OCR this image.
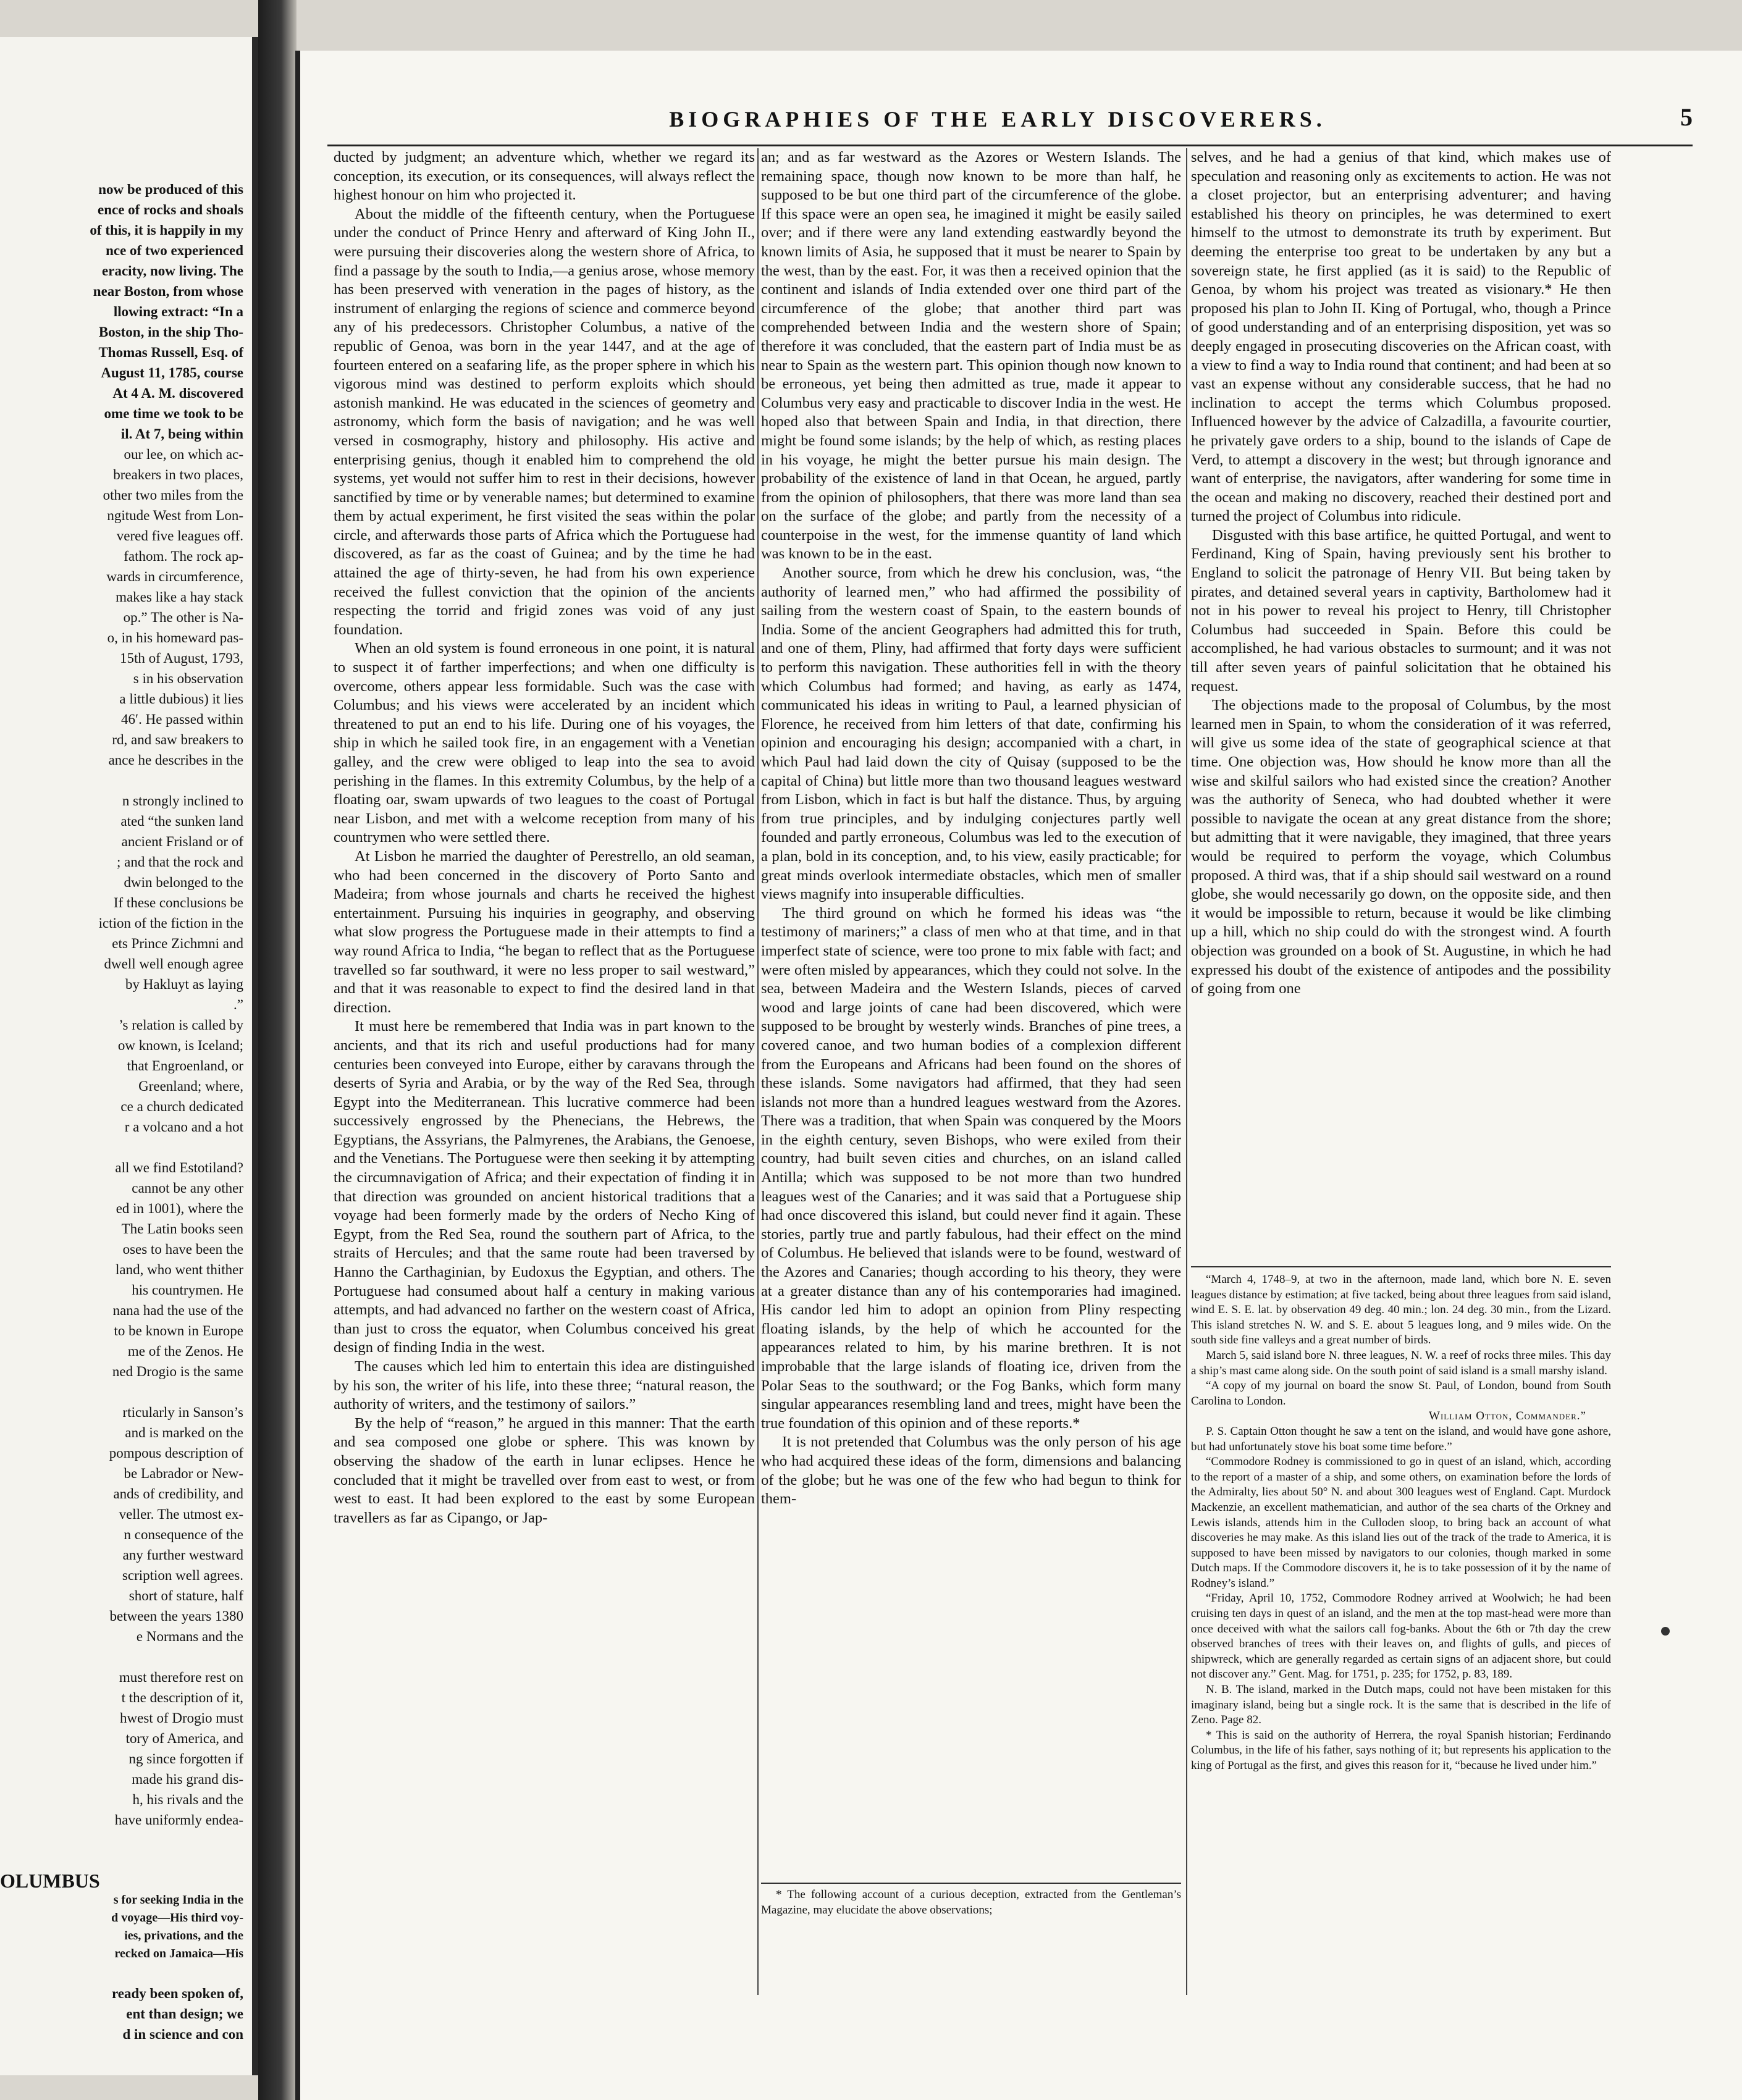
now be produced of this
ence of rocks and shoals
of this, it is happily in my
nce of two experienced
eracity, now living. The
near Boston, from whose
llowing extract: “In a
Boston, in the ship Tho-
Thomas Russell, Esq. of
August 11, 1785, course
At 4 A. M. discovered
ome time we took to be
il. At 7, being within
our lee, on which ac-
breakers in two places,
other two miles from the
ngitude West from Lon-
vered five leagues off.
fathom. The rock ap-
wards in circumference,
makes like a hay stack
op.” The other is Na-
o, in his homeward pas-
15th of August, 1793,
s in his observation
a little dubious) it lies
46′. He passed within
rd, and saw breakers to
ance he describes in the
n strongly inclined to
ated “the sunken land
ancient Frisland or of
; and that the rock and
dwin belonged to the
If these conclusions be
iction of the fiction in the
ets Prince Zichmni and
dwell well enough agree
by Hakluyt as laying
.”
’s relation is called by
ow known, is Iceland;
that Engroenland, or
Greenland; where,
ce a church dedicated
r a volcano and a hot
all we find Estotiland?
cannot be any other
ed in 1001), where the
The Latin books seen
oses to have been the
land, who went thither
his countrymen. He
nana had the use of the
to be known in Europe
me of the Zenos. He
ned Drogio is the same
rticularly in Sanson’s
and is marked on the
pompous description of
be Labrador or New-
ands of credibility, and
veller. The utmost ex-
n consequence of the
any further westward
scription well agrees.
short of stature, half
between the years 1380
e Normans and the
must therefore rest on
t the description of it,
hwest of Drogio must
tory of America, and
ng since forgotten if
made his grand dis-
h, his rivals and the
have uniformly endea-
OLUMBUS
s for seeking India in the
d voyage—His third voy-
ies, privations, and the
recked on Jamaica—His
ready been spoken of,
ent than design; we
d in science and con
BIOGRAPHIES OF THE EARLY DISCOVERERS.	5

ducted by judgment; an adventure which, whether we regard its conception, its execution, or its consequences, will always reflect the highest honour on him who projected it.

About the middle of the fifteenth century, when the Portuguese under the conduct of Prince Henry and afterward of King John II., were pursuing their discoveries along the western shore of Africa, to find a passage by the south to India,—a genius arose, whose memory has been preserved with veneration in the pages of history, as the instrument of enlarging the regions of science and commerce beyond any of his predecessors. Christopher Columbus, a native of the republic of Genoa, was born in the year 1447, and at the age of fourteen entered on a seafaring life, as the proper sphere in which his vigorous mind was destined to perform exploits which should astonish mankind. He was educated in the sciences of geometry and astronomy, which form the basis of navigation; and he was well versed in cosmography, history and philosophy. His active and enterprising genius, though it enabled him to comprehend the old systems, yet would not suffer him to rest in their decisions, however sanctified by time or by venerable names; but determined to examine them by actual experiment, he first visited the seas within the polar circle, and afterwards those parts of Africa which the Portuguese had discovered, as far as the coast of Guinea; and by the time he had attained the age of thirty-seven, he had from his own experience received the fullest conviction that the opinion of the ancients respecting the torrid and frigid zones was void of any just foundation.

When an old system is found erroneous in one point, it is natural to suspect it of farther imperfections; and when one difficulty is overcome, others appear less formidable. Such was the case with Columbus; and his views were accelerated by an incident which threatened to put an end to his life. During one of his voyages, the ship in which he sailed took fire, in an engagement with a Venetian galley, and the crew were obliged to leap into the sea to avoid perishing in the flames. In this extremity Columbus, by the help of a floating oar, swam upwards of two leagues to the coast of Portugal near Lisbon, and met with a welcome reception from many of his countrymen who were settled there.

At Lisbon he married the daughter of Perestrello, an old seaman, who had been concerned in the discovery of Porto Santo and Madeira; from whose journals and charts he received the highest entertainment. Pursuing his inquiries in geography, and observing what slow progress the Portuguese made in their attempts to find a way round Africa to India, “he began to reflect that as the Portuguese travelled so far southward, it were no less proper to sail westward,” and that it was reasonable to expect to find the desired land in that direction.

It must here be remembered that India was in part known to the ancients, and that its rich and useful productions had for many centuries been conveyed into Europe, either by caravans through the deserts of Syria and Arabia, or by the way of the Red Sea, through Egypt into the Mediterranean. This lucrative commerce had been successively engrossed by the Phenecians, the Hebrews, the Egyptians, the Assyrians, the Palmyrenes, the Arabians, the Genoese, and the Venetians. The Portuguese were then seeking it by attempting the circumnavigation of Africa; and their expectation of finding it in that direction was grounded on ancient historical traditions that a voyage had been formerly made by the orders of Necho King of Egypt, from the Red Sea, round the southern part of Africa, to the straits of Hercules; and that the same route had been traversed by Hanno the Carthaginian, by Eudoxus the Egyptian, and others. The Portuguese had consumed about half a century in making various attempts, and had advanced no farther on the western coast of Africa, than just to cross the equator, when Columbus conceived his great design of finding India in the west.

The causes which led him to entertain this idea are distinguished by his son, the writer of his life, into these three; “natural reason, the authority of writers, and the testimony of sailors.”

By the help of “reason,” he argued in this manner: That the earth and sea composed one globe or sphere. This was known by observing the shadow of the earth in lunar eclipses. Hence he concluded that it might be travelled over from east to west, or from west to east. It had been explored to the east by some European travellers as far as Cipango, or Jap-

an; and as far westward as the Azores or Western Islands. The remaining space, though now known to be more than half, he supposed to be but one third part of the circumference of the globe. If this space were an open sea, he imagined it might be easily sailed over; and if there were any land extending eastwardly beyond the known limits of Asia, he supposed that it must be nearer to Spain by the west, than by the east. For, it was then a received opinion that the continent and islands of India extended over one third part of the circumference of the globe; that another third part was comprehended between India and the western shore of Spain; therefore it was concluded, that the eastern part of India must be as near to Spain as the western part. This opinion though now known to be erroneous, yet being then admitted as true, made it appear to Columbus very easy and practicable to discover India in the west. He hoped also that between Spain and India, in that direction, there might be found some islands; by the help of which, as resting places in his voyage, he might the better pursue his main design. The probability of the existence of land in that Ocean, he argued, partly from the opinion of philosophers, that there was more land than sea on the surface of the globe; and partly from the necessity of a counterpoise in the west, for the immense quantity of land which was known to be in the east.

Another source, from which he drew his conclusion, was, “the authority of learned men,” who had affirmed the possibility of sailing from the western coast of Spain, to the eastern bounds of India. Some of the ancient Geographers had admitted this for truth, and one of them, Pliny, had affirmed that forty days were sufficient to perform this navigation. These authorities fell in with the theory which Columbus had formed; and having, as early as 1474, communicated his ideas in writing to Paul, a learned physician of Florence, he received from him letters of that date, confirming his opinion and encouraging his design; accompanied with a chart, in which Paul had laid down the city of Quisay (supposed to be the capital of China) but little more than two thousand leagues westward from Lisbon, which in fact is but half the distance. Thus, by arguing from true principles, and by indulging conjectures partly well founded and partly erroneous, Columbus was led to the execution of a plan, bold in its conception, and, to his view, easily practicable; for great minds overlook intermediate obstacles, which men of smaller views magnify into insuperable difficulties.

The third ground on which he formed his ideas was “the testimony of mariners;” a class of men who at that time, and in that imperfect state of science, were too prone to mix fable with fact; and were often misled by appearances, which they could not solve. In the sea, between Madeira and the Western Islands, pieces of carved wood and large joints of cane had been discovered, which were supposed to be brought by westerly winds. Branches of pine trees, a covered canoe, and two human bodies of a complexion different from the Europeans and Africans had been found on the shores of these islands. Some navigators had affirmed, that they had seen islands not more than a hundred leagues westward from the Azores. There was a tradition, that when Spain was conquered by the Moors in the eighth century, seven Bishops, who were exiled from their country, had built seven cities and churches, on an island called Antilla; which was supposed to be not more than two hundred leagues west of the Canaries; and it was said that a Portuguese ship had once discovered this island, but could never find it again. These stories, partly true and partly fabulous, had their effect on the mind of Columbus. He believed that islands were to be found, westward of the Azores and Canaries; though according to his theory, they were at a greater distance than any of his contemporaries had imagined. His candor led him to adopt an opinion from Pliny respecting floating islands, by the help of which he accounted for the appearances related to him, by his marine brethren. It is not improbable that the large islands of floating ice, driven from the Polar Seas to the southward; or the Fog Banks, which form many singular appearances resembling land and trees, might have been the true foundation of this opinion and of these reports.*

It is not pretended that Columbus was the only person of his age who had acquired these ideas of the form, dimensions and balancing of the globe; but he was one of the few who had begun to think for them-

* The following account of a curious deception, extracted from the Gentleman’s Magazine, may elucidate the above observations;

selves, and he had a genius of that kind, which makes use of speculation and reasoning only as excitements to action. He was not a closet projector, but an enterprising adventurer; and having established his theory on principles, he was determined to exert himself to the utmost to demonstrate its truth by experiment. But deeming the enterprise too great to be undertaken by any but a sovereign state, he first applied (as it is said) to the Republic of Genoa, by whom his project was treated as visionary.* He then proposed his plan to John II. King of Portugal, who, though a Prince of good understanding and of an enterprising disposition, yet was so deeply engaged in prosecuting discoveries on the African coast, with a view to find a way to India round that continent; and had been at so vast an expense without any considerable success, that he had no inclination to accept the terms which Columbus proposed. Influenced however by the advice of Calzadilla, a favourite courtier, he privately gave orders to a ship, bound to the islands of Cape de Verd, to attempt a discovery in the west; but through ignorance and want of enterprise, the navigators, after wandering for some time in the ocean and making no discovery, reached their destined port and turned the project of Columbus into ridicule.

Disgusted with this base artifice, he quitted Portugal, and went to Ferdinand, King of Spain, having previously sent his brother to England to solicit the patronage of Henry VII. But being taken by pirates, and detained several years in captivity, Bartholomew had it not in his power to reveal his project to Henry, till Christopher Columbus had succeeded in Spain. Before this could be accomplished, he had various obstacles to surmount; and it was not till after seven years of painful solicitation that he obtained his request.

The objections made to the proposal of Columbus, by the most learned men in Spain, to whom the consideration of it was referred, will give us some idea of the state of geographical science at that time. One objection was, How should he know more than all the wise and skilful sailors who had existed since the creation? Another was the authority of Seneca, who had doubted whether it were possible to navigate the ocean at any great distance from the shore; but admitting that it were navigable, they imagined, that three years would be required to perform the voyage, which Columbus proposed. A third was, that if a ship should sail westward on a round globe, she would necessarily go down, on the opposite side, and then it would be impossible to return, because it would be like climbing up a hill, which no ship could do with the strongest wind. A fourth objection was grounded on a book of St. Augustine, in which he had expressed his doubt of the existence of antipodes and the possibility of going from one

“March 4, 1748–9, at two in the afternoon, made land, which bore N. E. seven leagues distance by estimation; at five tacked, being about three leagues from said island, wind E. S. E. lat. by observation 49 deg. 40 min.; lon. 24 deg. 30 min., from the Lizard. This island stretches N. W. and S. E. about 5 leagues long, and 9 miles wide. On the south side fine valleys and a great number of birds.

March 5, said island bore N. three leagues, N. W. a reef of rocks three miles. This day a ship’s mast came along side. On the south point of said island is a small marshy island.

“A copy of my journal on board the snow St. Paul, of London, bound from South Carolina to London.

William Otton, Commander.”

P. S. Captain Otton thought he saw a tent on the island, and would have gone ashore, but had unfortunately stove his boat some time before.”

“Commodore Rodney is commissioned to go in quest of an island, which, according to the report of a master of a ship, and some others, on examination before the lords of the Admiralty, lies about 50° N. and about 300 leagues west of England. Capt. Murdock Mackenzie, an excellent mathematician, and author of the sea charts of the Orkney and Lewis islands, attends him in the Culloden sloop, to bring back an account of what discoveries he may make. As this island lies out of the track of the trade to America, it is supposed to have been missed by navigators to our colonies, though marked in some Dutch maps. If the Commodore discovers it, he is to take possession of it by the name of Rodney’s island.”

“Friday, April 10, 1752, Commodore Rodney arrived at Woolwich; he had been cruising ten days in quest of an island, and the men at the top mast-head were more than once deceived with what the sailors call fog-banks. About the 6th or 7th day the crew observed branches of trees with their leaves on, and flights of gulls, and pieces of shipwreck, which are generally regarded as certain signs of an adjacent shore, but could not discover any.” Gent. Mag. for 1751, p. 235; for 1752, p. 83, 189.

N. B. The island, marked in the Dutch maps, could not have been mistaken for this imaginary island, being but a single rock. It is the same that is described in the life of Zeno. Page 82.

* This is said on the authority of Herrera, the royal Spanish historian; Ferdinando Columbus, in the life of his father, says nothing of it; but represents his application to the king of Portugal as the first, and gives this reason for it, “because he lived under him.”
